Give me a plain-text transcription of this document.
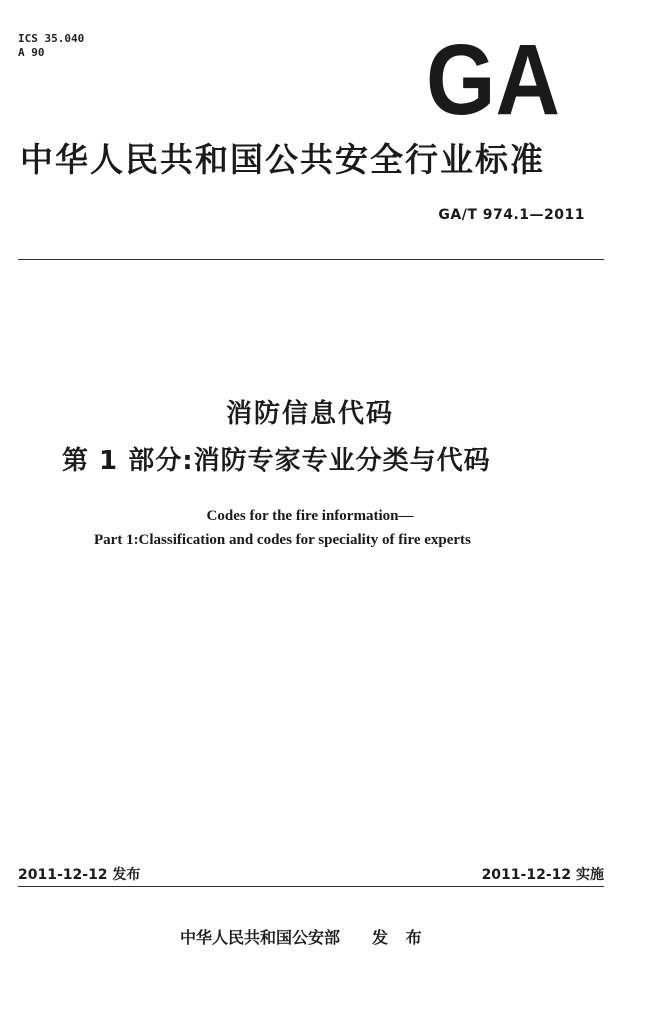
ICS 35.040
A 90	GA
中华人民共和国公共安全行业标准
GA/T 974.1—2011
消防信息代码
第 1 部分:消防专家专业分类与代码
Codes for the fire information—
Part 1:Classification and codes for speciality of fire experts
2011-12-12 发布	2011-12-12 实施
中华人民共和国公安部 发 布
